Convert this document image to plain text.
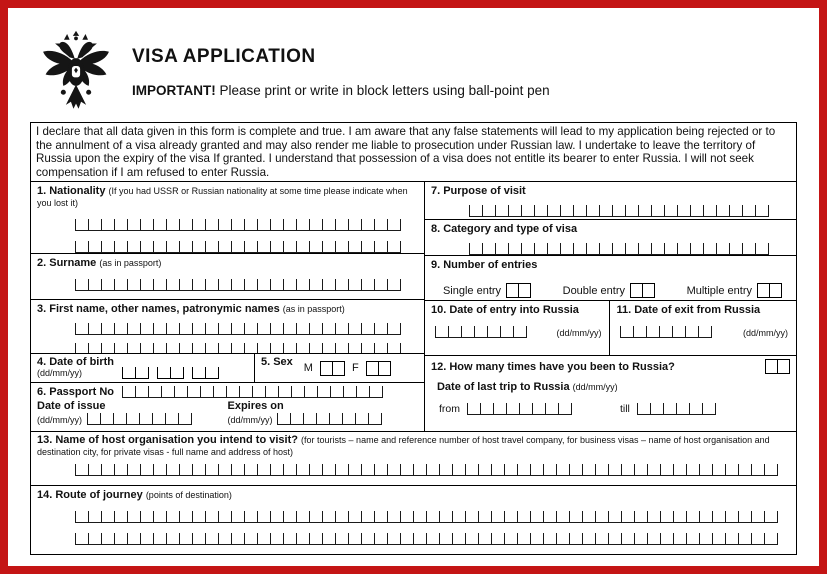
VISA APPLICATION
IMPORTANT! Please print or write in block letters using ball-point pen
I declare that all data given in this form is complete and true. I am aware that any false statements will lead to my application being rejected or to the annulment of a visa already granted and may also render me liable to prosecution under Russian law. I undertake to leave the territory of Russia upon the expiry of the visa If granted. I understand that possession of a visa does not entitle its bearer to enter Russia. I will not seek compensation if I am refused to enter Russia.
1. Nationality (If you had USSR or Russian nationality at some time please indicate when you lost it)
2. Surname (as in passport)
3. First name, other names, patronymic names (as in passport)
4. Date of birth
(dd/mm/yy)

5. Sex M	F
6. Passport No
Date of issue
(dd/mm/yy)
Expires on
(dd/mm/yy)
7. Purpose of visit
8. Category and type of visa
9. Number of entries
Single entry	Double entry	Multiple entry
10. Date of entry into Russia
(dd/mm/yy)
11. Date of exit from Russia
(dd/mm/yy)
12. How many times have you been to Russia?
Date of last trip to Russia (dd/mm/yy)
from	till
13. Name of host organisation you intend to visit? (for tourists – name and reference number of host travel company, for business visas – name of host organisation and destination city, for private visas - full name and address of host)
14. Route of journey (points of destination)
